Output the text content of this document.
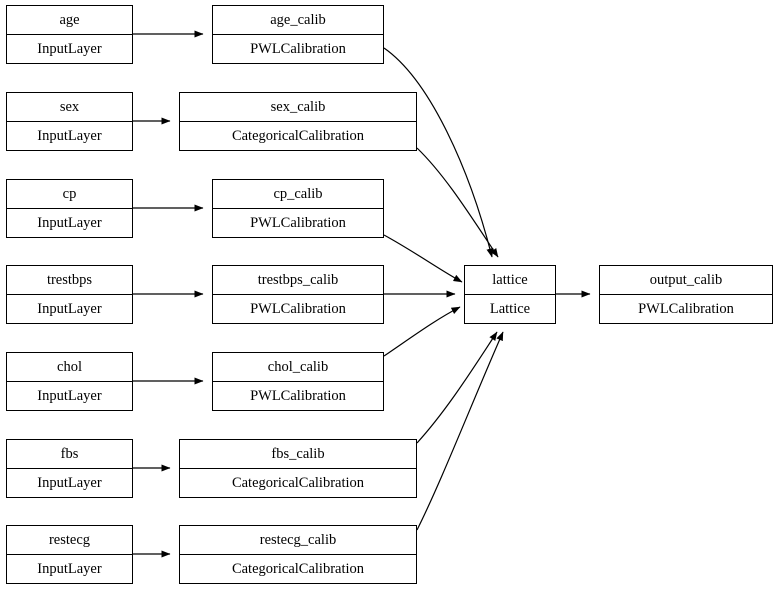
age
InputLayer
age_calib
PWLCalibration
sex
InputLayer
sex_calib
CategoricalCalibration
cp
InputLayer
cp_calib
PWLCalibration
trestbps
InputLayer
trestbps_calib
PWLCalibration
chol
InputLayer
chol_calib
PWLCalibration
fbs
InputLayer
fbs_calib
CategoricalCalibration
restecg
InputLayer
restecg_calib
CategoricalCalibration
lattice
Lattice
output_calib
PWLCalibration
